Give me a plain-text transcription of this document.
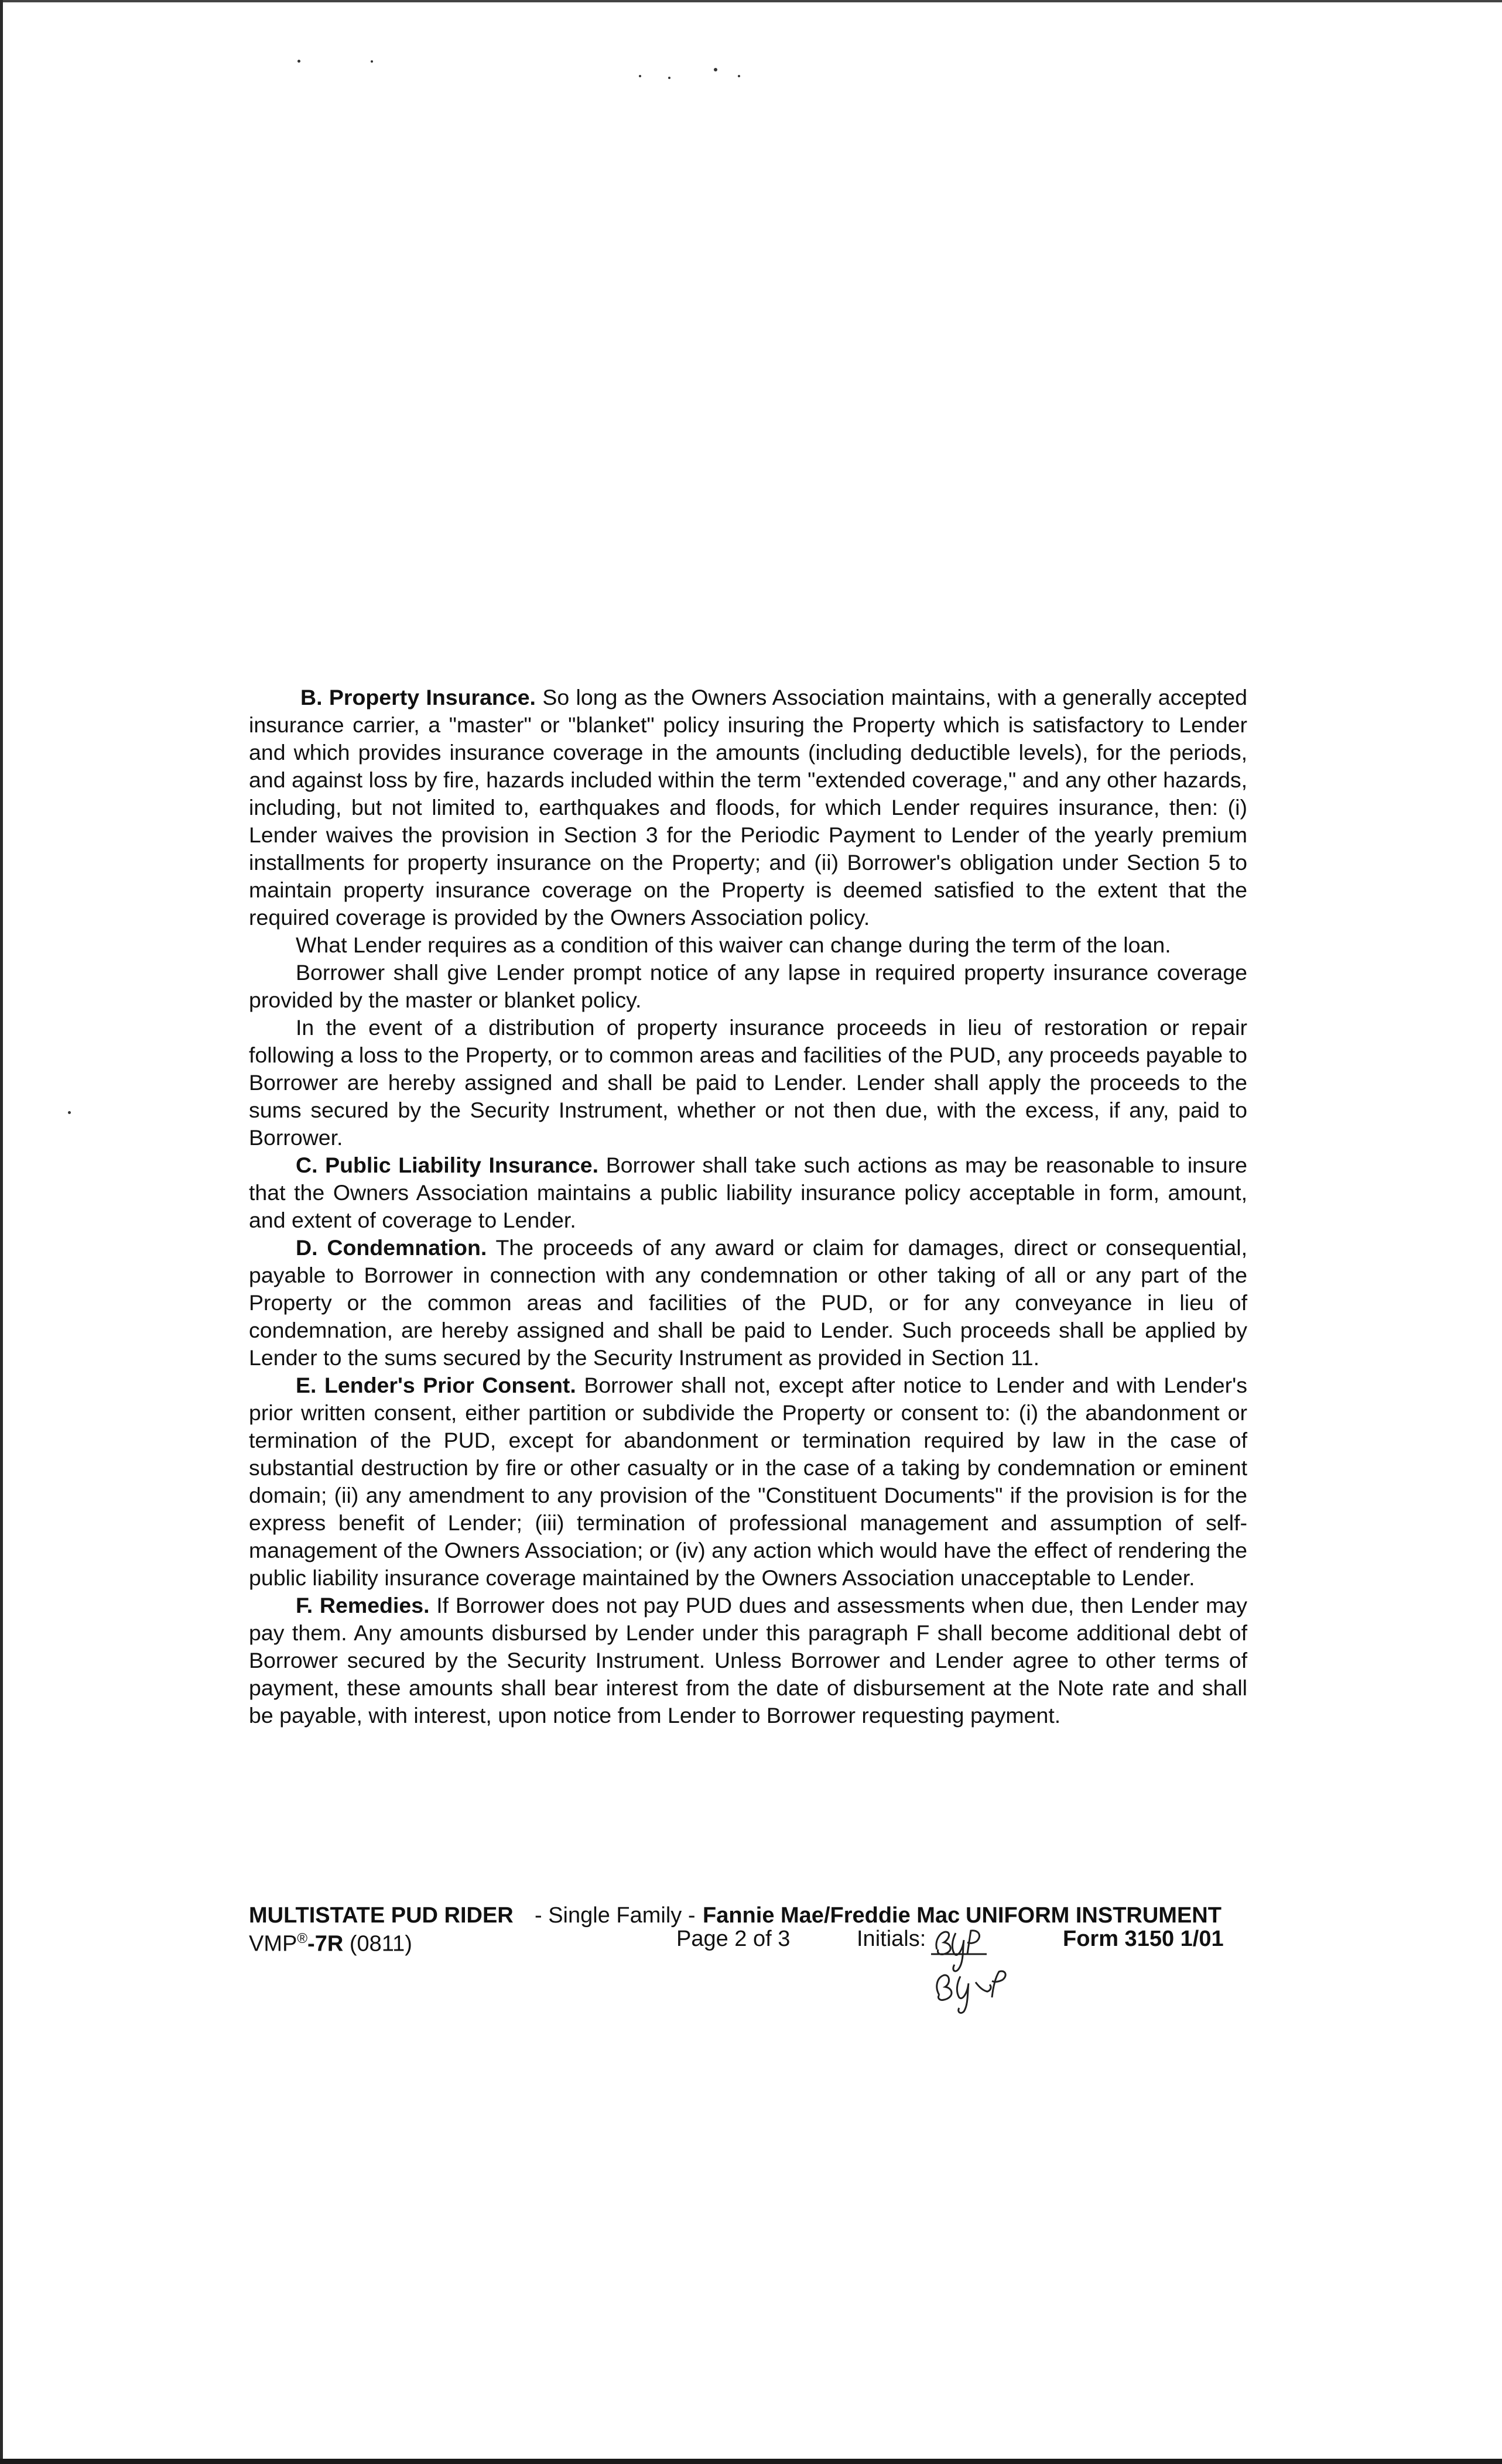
B. Property Insurance. So long as the Owners Association maintains, with a generally accepted insurance carrier, a "master" or "blanket" policy insuring the Property which is satisfactory to Lender and which provides insurance coverage in the amounts (including deductible levels), for the periods, and against loss by fire, hazards included within the term "extended coverage," and any other hazards, including, but not limited to, earthquakes and floods, for which Lender requires insurance, then: (i) Lender waives the provision in Section 3 for the Periodic Payment to Lender of the yearly premium installments for property insurance on the Property; and (ii) Borrower's obligation under Section 5 to maintain property insurance coverage on the Property is deemed satisfied to the extent that the required coverage is provided by the Owners Association policy.

What Lender requires as a condition of this waiver can change during the term of the loan.

Borrower shall give Lender prompt notice of any lapse in required property insurance coverage provided by the master or blanket policy.

In the event of a distribution of property insurance proceeds in lieu of restoration or repair following a loss to the Property, or to common areas and facilities of the PUD, any proceeds payable to Borrower are hereby assigned and shall be paid to Lender. Lender shall apply the proceeds to the sums secured by the Security Instrument, whether or not then due, with the excess, if any, paid to Borrower.

C. Public Liability Insurance. Borrower shall take such actions as may be reasonable to insure that the Owners Association maintains a public liability insurance policy acceptable in form, amount, and extent of coverage to Lender.

D. Condemnation. The proceeds of any award or claim for damages, direct or consequential, payable to Borrower in connection with any condemnation or other taking of all or any part of the Property or the common areas and facilities of the PUD, or for any conveyance in lieu of condemnation, are hereby assigned and shall be paid to Lender. Such proceeds shall be applied by Lender to the sums secured by the Security Instrument as provided in Section 11.

E. Lender's Prior Consent. Borrower shall not, except after notice to Lender and with Lender's prior written consent, either partition or subdivide the Property or consent to: (i) the abandonment or termination of the PUD, except for abandonment or termination required by law in the case of substantial destruction by fire or other casualty or in the case of a taking by condemnation or eminent domain; (ii) any amendment to any provision of the "Constituent Documents" if the provision is for the express benefit of Lender; (iii) termination of professional management and assumption of self-management of the Owners Association; or (iv) any action which would have the effect of rendering the public liability insurance coverage maintained by the Owners Association unacceptable to Lender.

F. Remedies. If Borrower does not pay PUD dues and assessments when due, then Lender may pay them. Any amounts disbursed by Lender under this paragraph F shall become additional debt of Borrower secured by the Security Instrument. Unless Borrower and Lender agree to other terms of payment, these amounts shall bear interest from the date of disbursement at the Note rate and shall be payable, with interest, upon notice from Lender to Borrower requesting payment.

MULTISTATE PUD RIDER - Single Family - Fannie Mae/Freddie Mac UNIFORM INSTRUMENT
VMP®-7R (0811)	Page 2 of 3	Initials:	Form 3150 1/01
